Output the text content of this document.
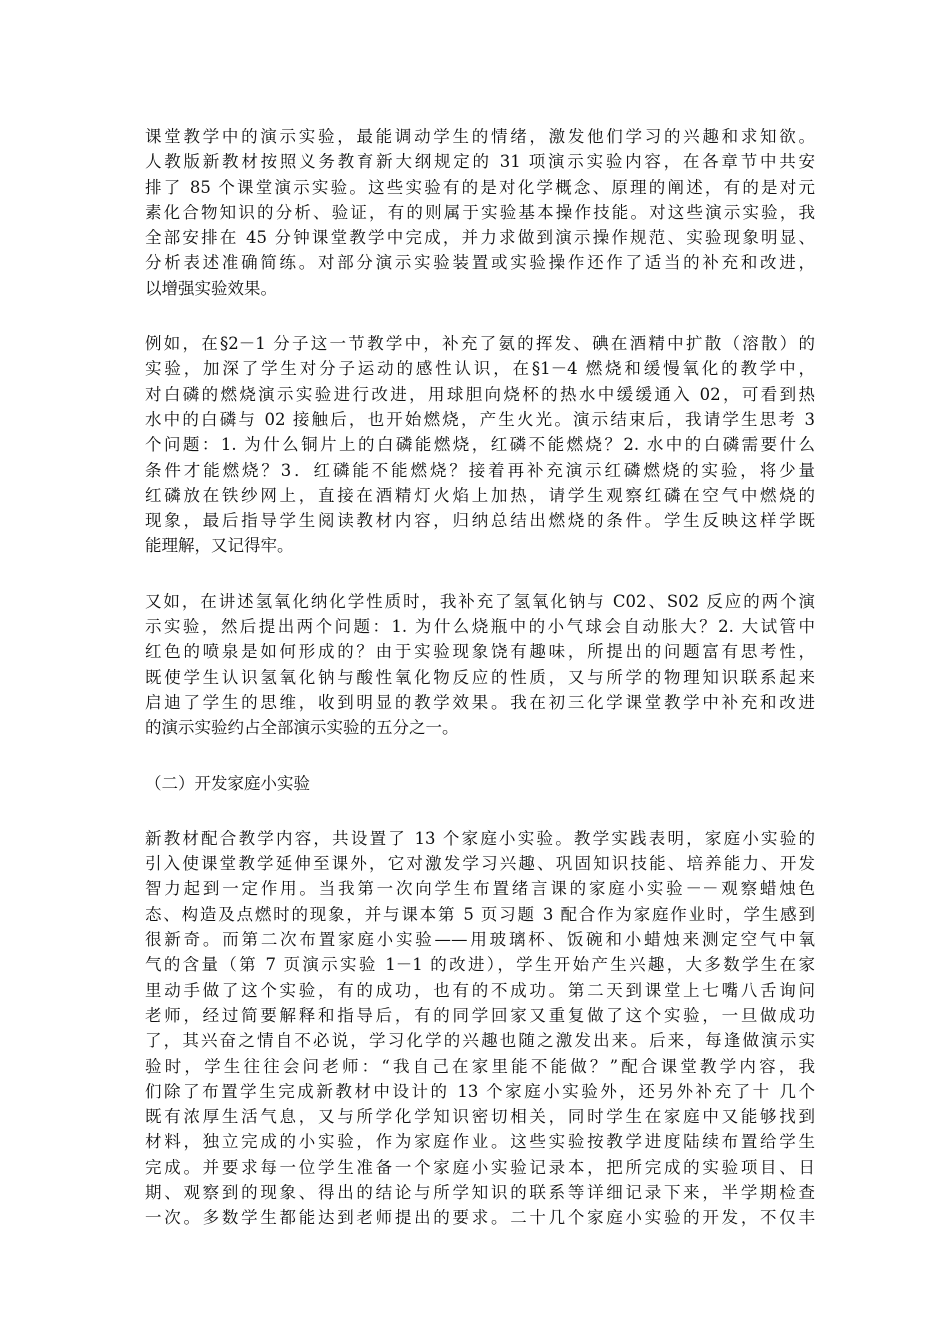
课堂教学中的演示实验，最能调动学生的情绪，激发他们学习的兴趣和求知欲。
人教版新教材按照义务教育新大纲规定的 31 项演示实验内容，在各章节中共安
排了 85 个课堂演示实验。这些实验有的是对化学概念、原理的阐述，有的是对元
素化合物知识的分析、验证，有的则属于实验基本操作技能。对这些演示实验，我
全部安排在 45 分钟课堂教学中完成，并力求做到演示操作规范、实验现象明显、
分析表述准确简练。对部分演示实验装置或实验操作还作了适当的补充和改进，
以增强实验效果。
例如，在§2－1 分子这一节教学中，补充了氨的挥发、碘在酒精中扩散（溶散）的
实验，加深了学生对分子运动的感性认识，在§1－4 燃烧和缓慢氧化的教学中，
对白磷的燃烧演示实验进行改进，用球胆向烧杯的热水中缓缓通入 02，可看到热
水中的白磷与 02 接触后，也开始燃烧，产生火光。演示结束后，我请学生思考 3
个问题：1. 为什么铜片上的白磷能燃烧，红磷不能燃烧？2. 水中的白磷需要什么
条件才能燃烧？3．红磷能不能燃烧？接着再补充演示红磷燃烧的实验，将少量
红磷放在铁纱网上，直接在酒精灯火焰上加热，请学生观察红磷在空气中燃烧的
现象，最后指导学生阅读教材内容，归纳总结出燃烧的条件。学生反映这样学既
能理解，又记得牢。
又如，在讲述氢氧化纳化学性质时，我补充了氢氧化钠与 C02、S02 反应的两个演
示实验，然后提出两个问题：1. 为什么烧瓶中的小气球会自动胀大？2. 大试管中
红色的喷泉是如何形成的？由于实验现象饶有趣味，所提出的问题富有思考性，
既使学生认识氢氧化钠与酸性氧化物反应的性质，又与所学的物理知识联系起来
启迪了学生的思维，收到明显的教学效果。我在初三化学课堂教学中补充和改进
的演示实验约占全部演示实验的五分之一。
（二）开发家庭小实验
新教材配合教学内容，共设置了 13 个家庭小实验。教学实践表明，家庭小实验的
引入使课堂教学延伸至课外，它对激发学习兴趣、巩固知识技能、培养能力、开发
智力起到一定作用。当我第一次向学生布置绪言课的家庭小实验－－观察蜡烛色
态、构造及点燃时的现象，并与课本第 5 页习题 3 配合作为家庭作业时，学生感到
很新奇。而第二次布置家庭小实验——用玻璃杯、饭碗和小蜡烛来测定空气中氧
气的含量（第 7 页演示实验 1－1 的改进），学生开始产生兴趣，大多数学生在家
里动手做了这个实验，有的成功，也有的不成功。第二天到课堂上七嘴八舌询问
老师，经过简要解释和指导后，有的同学回家又重复做了这个实验，一旦做成功
了，其兴奋之情自不必说，学习化学的兴趣也随之激发出来。后来，每逢做演示实
验时，学生往往会问老师：“我自己在家里能不能做？”配合课堂教学内容，我
们除了布置学生完成新教材中设计的 13 个家庭小实验外，还另外补充了十 几个
既有浓厚生活气息，又与所学化学知识密切相关，同时学生在家庭中又能够找到
材料，独立完成的小实验，作为家庭作业。这些实验按教学进度陆续布置给学生
完成。并要求每一位学生准备一个家庭小实验记录本，把所完成的实验项目、日
期、观察到的现象、得出的结论与所学知识的联系等详细记录下来，半学期检查
一次。多数学生都能达到老师提出的要求。二十几个家庭小实验的开发，不仅丰
